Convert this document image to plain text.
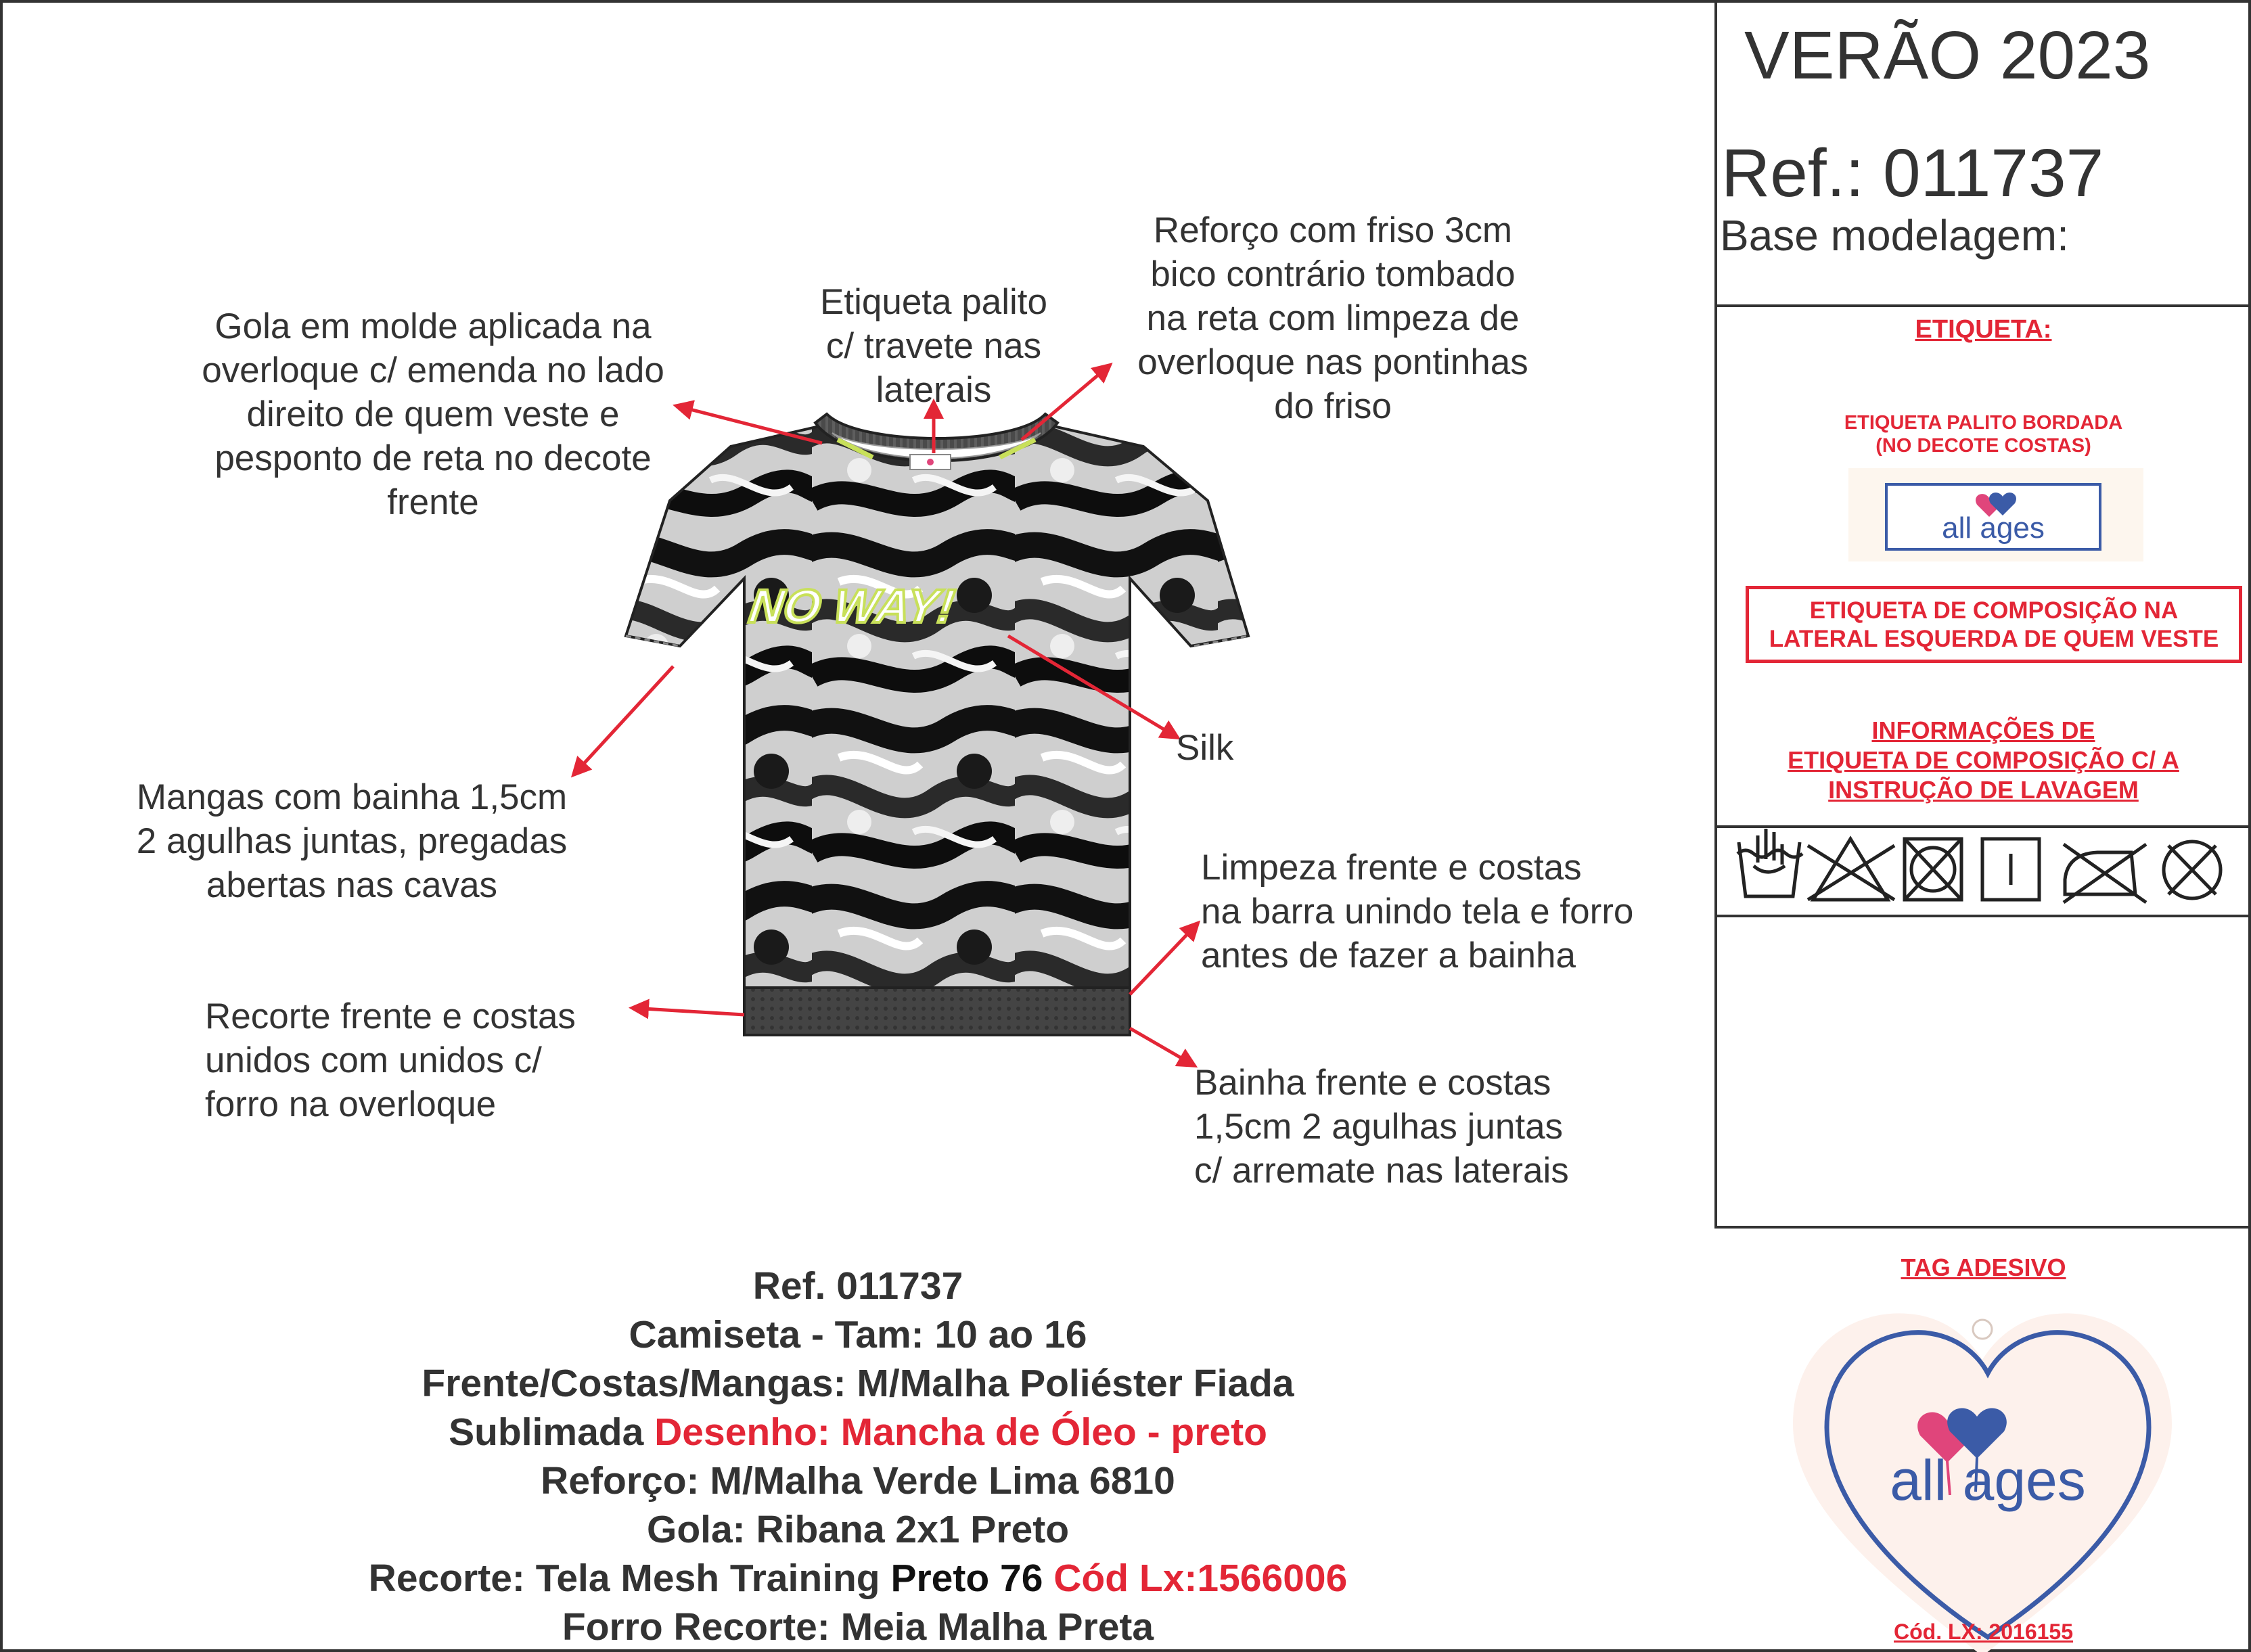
VERÃO 2023
Ref.: 011737
Base modelagem:
NO WAY!
Gola em molde aplicada na
overloque c/ emenda no lado
direito de quem veste e
pesponto de reta no decote
frente
Etiqueta palito
c/ travete nas
laterais
Reforço com friso 3cm
bico contrário tombado
na reta com limpeza de
overloque nas pontinhas
do friso
Silk
Mangas com bainha 1,5cm
2 agulhas juntas, pregadas
abertas nas cavas	Limpeza frente e costas
na barra unindo tela e forro
antes de fazer a bainha
Recorte frente e costas
unidos com unidos c/
forro na overloque
Bainha frente e costas
1,5cm 2 agulhas juntas
c/ arremate nas laterais
ETIQUETA:
ETIQUETA PALITO BORDADA
(NO DECOTE COSTAS)
all ages
ETIQUETA DE COMPOSIÇÃO NA
LATERAL ESQUERDA DE QUEM VESTE
INFORMAÇÕES DE
ETIQUETA DE COMPOSIÇÃO C/ A
INSTRUÇÃO DE LAVAGEM
TAG ADESIVO
all ages
Cód. LX: 2016155
Ref. 011737
Camiseta - Tam: 10 ao 16
Frente/Costas/Mangas: M/Malha Poliéster Fiada
Sublimada Desenho: Mancha de Óleo - preto
Reforço: M/Malha Verde Lima 6810
Gola: Ribana 2x1 Preto
Recorte: Tela Mesh Training Preto 76 Cód Lx:1566006
Forro Recorte: Meia Malha Preta
